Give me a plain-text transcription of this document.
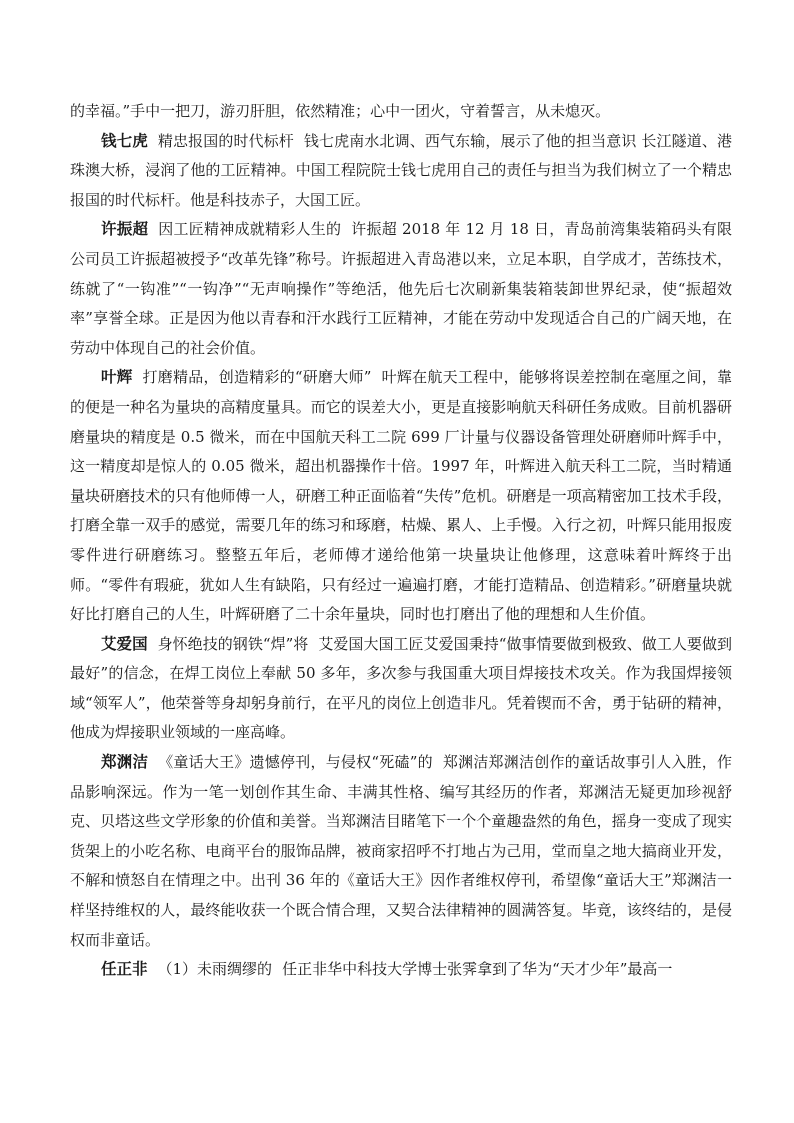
的幸福。”手中一把刀，游刃肝胆，依然精准；心中一团火，守着誓言，从未熄灭。

钱七虎 精忠报国的时代标杆 钱七虎南水北调、西气东输，展示了他的担当意识 长江隧道、港珠澳大桥，浸润了他的工匠精神。中国工程院院士钱七虎用自己的责任与担当为我们树立了一个精忠报国的时代标杆。他是科技赤子，大国工匠。

许振超 因工匠精神成就精彩人生的 许振超 2018 年 12 月 18 日，青岛前湾集装箱码头有限公司员工许振超被授予“改革先锋”称号。许振超进入青岛港以来，立足本职，自学成才，苦练技术，练就了“一钩准”“一钩净”“无声响操作”等绝活，他先后七次刷新集装箱装卸世界纪录，使“振超效率”享誉全球。正是因为他以青春和汗水践行工匠精神，才能在劳动中发现适合自己的广阔天地，在劳动中体现自己的社会价值。

叶辉 打磨精品，创造精彩的“研磨大师” 叶辉在航天工程中，能够将误差控制在毫厘之间，靠的便是一种名为量块的高精度量具。而它的误差大小，更是直接影响航天科研任务成败。目前机器研磨量块的精度是 0.5 微米，而在中国航天科工二院 699 厂计量与仪器设备管理处研磨师叶辉手中，这一精度却是惊人的 0.05 微米，超出机器操作十倍。1997 年，叶辉进入航天科工二院，当时精通量块研磨技术的只有他师傅一人，研磨工种正面临着“失传”危机。研磨是一项高精密加工技术手段，打磨全靠一双手的感觉，需要几年的练习和琢磨，枯燥、累人、上手慢。入行之初，叶辉只能用报废零件进行研磨练习。整整五年后，老师傅才递给他第一块量块让他修理，这意味着叶辉终于出师。“零件有瑕疵，犹如人生有缺陷，只有经过一遍遍打磨，才能打造精品、创造精彩。”研磨量块就好比打磨自己的人生，叶辉研磨了二十余年量块，同时也打磨出了他的理想和人生价值。

艾爱国 身怀绝技的钢铁“焊”将 艾爱国大国工匠艾爱国秉持“做事情要做到极致、做工人要做到最好”的信念，在焊工岗位上奉献 50 多年，多次参与我国重大项目焊接技术攻关。作为我国焊接领域“领军人”，他荣誉等身却躬身前行，在平凡的岗位上创造非凡。凭着锲而不舍，勇于钻研的精神，他成为焊接职业领域的一座高峰。

郑渊洁 《童话大王》遗憾停刊，与侵权“死磕”的 郑渊洁郑渊洁创作的童话故事引人入胜，作品影响深远。作为一笔一划创作其生命、丰满其性格、编写其经历的作者，郑渊洁无疑更加珍视舒克、贝塔这些文学形象的价值和美誉。当郑渊洁目睹笔下一个个童趣盎然的角色，摇身一变成了现实货架上的小吃名称、电商平台的服饰品牌，被商家招呼不打地占为己用，堂而皇之地大搞商业开发，不解和愤怒自在情理之中。出刊 36 年的《童话大王》因作者维权停刊，希望像“童话大王”郑渊洁一样坚持维权的人，最终能收获一个既合情合理，又契合法律精神的圆满答复。毕竟，该终结的，是侵权而非童话。

任正非 （1）未雨绸缪的 任正非华中科技大学博士张霁拿到了华为“天才少年”最高一
